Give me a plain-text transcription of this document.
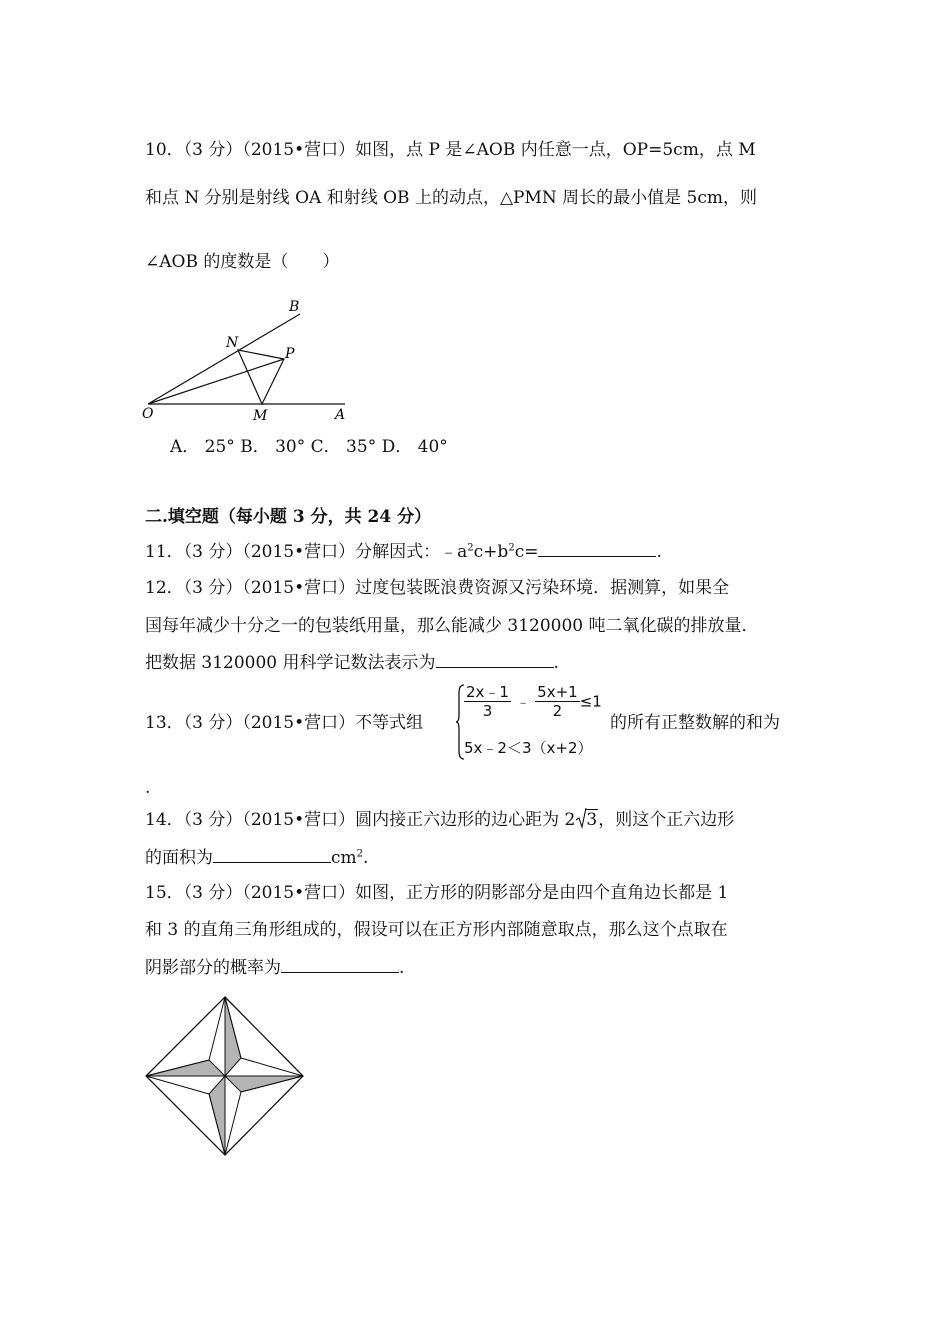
10．（3 分）（2015•营口）如图，点 P 是∠AOB 内任意一点，OP=5cm，点 M
和点 N 分别是射线 OA 和射线 OB 上的动点，△PMN 周长的最小值是 5cm，则
∠AOB 的度数是（　　）
B
N
P
O	M	A
A． 25° B． 30° C． 35° D． 40°
二.填空题（每小题 3 分，共 24 分）
11．（3 分）（2015•营口）分解因式：$﹣a^2c+b^2c=$	.
12．（3 分）（2015•营口）过度包装既浪费资源又污染环境．据测算，如果全
国每年减少十分之一的包装纸用量，那么能减少 3120000 吨二氧化碳的排放量．
把数据 3120000 用科学记数法表示为	.
13．（3 分）（2015•营口）不等式组
$\frac{2x﹣1}{3}$ ﹣ $\frac{5x+1}{2} \le 1$
5x﹣2＜3（x+2）
的所有正整数解的和为
.
14．（3 分）（2015•营口）圆内接正六边形的边心距为 2 3，则这个正六边形
的面积为	$cm^2$.
15．（3 分）（2015•营口）如图，正方形的阴影部分是由四个直角边长都是 1
和 3 的直角三角形组成的，假设可以在正方形内部随意取点，那么这个点取在
阴影部分的概率为	.
